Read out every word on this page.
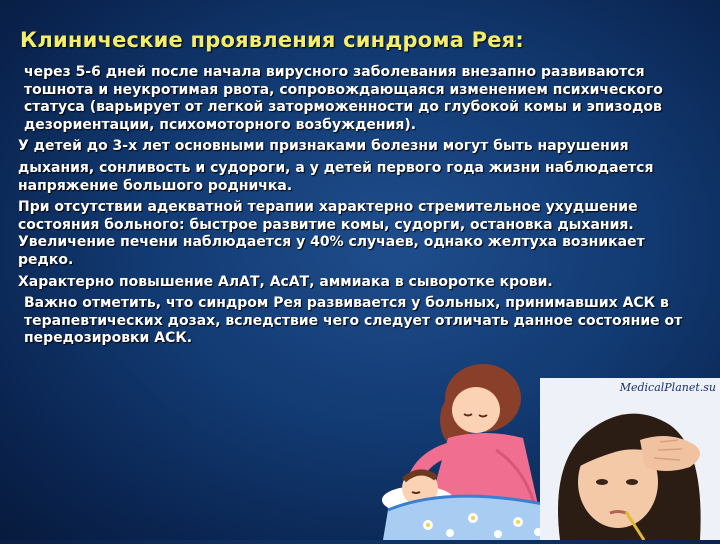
Клинические проявления синдрома Рея:

через 5-6 дней после начала вирусного заболевания внезапно развиваются тошнота и неукротимая рвота, сопровождающаяся изменением психического статуса (варьирует от легкой заторможенности до глубокой комы и эпизодов дезориентации, психомоторного возбуждения).

У детей до 3-х лет основными признаками болезни могут быть нарушения

дыхания, сонливость и судороги, а у детей первого года жизни наблюдается напряжение большого родничка.

При отсутствии адекватной терапии характерно стремительное ухудшение состояния больного: быстрое развитие комы, судорги, остановка дыхания. Увеличение печени наблюдается у 40% случаев, однако желтуха возникает редко.

Характерно повышение АлАТ, АсАТ, аммиака в сыворотке крови.

Важно отметить, что синдром Рея развивается у больных, принимавших АСК в терапевтических дозах, вследствие чего следует отличать данное состояние от передозировки АСК.

MedicalPlanet.su
